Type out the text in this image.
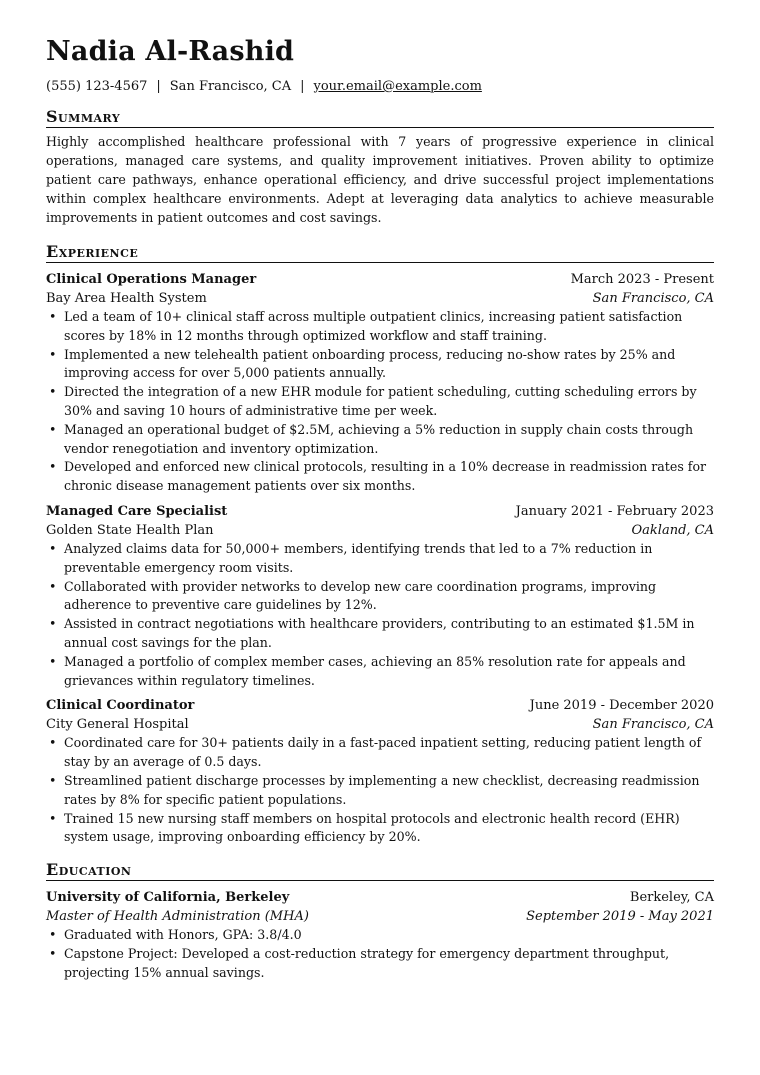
Nadia Al-Rashid
(555) 123-4567 | San Francisco, CA | your.email@example.com
Summary
Highly accomplished healthcare professional with 7 years of progressive experience in clinical operations, managed care systems, and quality improvement initiatives. Proven ability to optimize patient care pathways, enhance operational efficiency, and drive successful project implementations within complex healthcare environments. Adept at leveraging data analytics to achieve measurable improvements in patient outcomes and cost savings.
Experience
Clinical Operations Manager	March 2023 - Present
Bay Area Health System	San Francisco, CA
• Led a team of 10+ clinical staff across multiple outpatient clinics, increasing patient satisfaction scores by 18% in 12 months through optimized workflow and staff training.
• Implemented a new telehealth patient onboarding process, reducing no-show rates by 25% and improving access for over 5,000 patients annually.
• Directed the integration of a new EHR module for patient scheduling, cutting scheduling errors by 30% and saving 10 hours of administrative time per week.
• Managed an operational budget of $2.5M, achieving a 5% reduction in supply chain costs through vendor renegotiation and inventory optimization.
• Developed and enforced new clinical protocols, resulting in a 10% decrease in readmission rates for chronic disease management patients over six months.
Managed Care Specialist	January 2021 - February 2023
Golden State Health Plan	Oakland, CA
• Analyzed claims data for 50,000+ members, identifying trends that led to a 7% reduction in preventable emergency room visits.
• Collaborated with provider networks to develop new care coordination programs, improving adherence to preventive care guidelines by 12%.
• Assisted in contract negotiations with healthcare providers, contributing to an estimated $1.5M in annual cost savings for the plan.
• Managed a portfolio of complex member cases, achieving an 85% resolution rate for appeals and grievances within regulatory timelines.
Clinical Coordinator	June 2019 - December 2020
City General Hospital	San Francisco, CA
• Coordinated care for 30+ patients daily in a fast-paced inpatient setting, reducing patient length of stay by an average of 0.5 days.
• Streamlined patient discharge processes by implementing a new checklist, decreasing readmission rates by 8% for specific patient populations.
• Trained 15 new nursing staff members on hospital protocols and electronic health record (EHR) system usage, improving onboarding efficiency by 20%.
Education
University of California, Berkeley	Berkeley, CA
Master of Health Administration (MHA)	September 2019 - May 2021
• Graduated with Honors, GPA: 3.8/4.0
• Capstone Project: Developed a cost-reduction strategy for emergency department throughput, projecting 15% annual savings.
